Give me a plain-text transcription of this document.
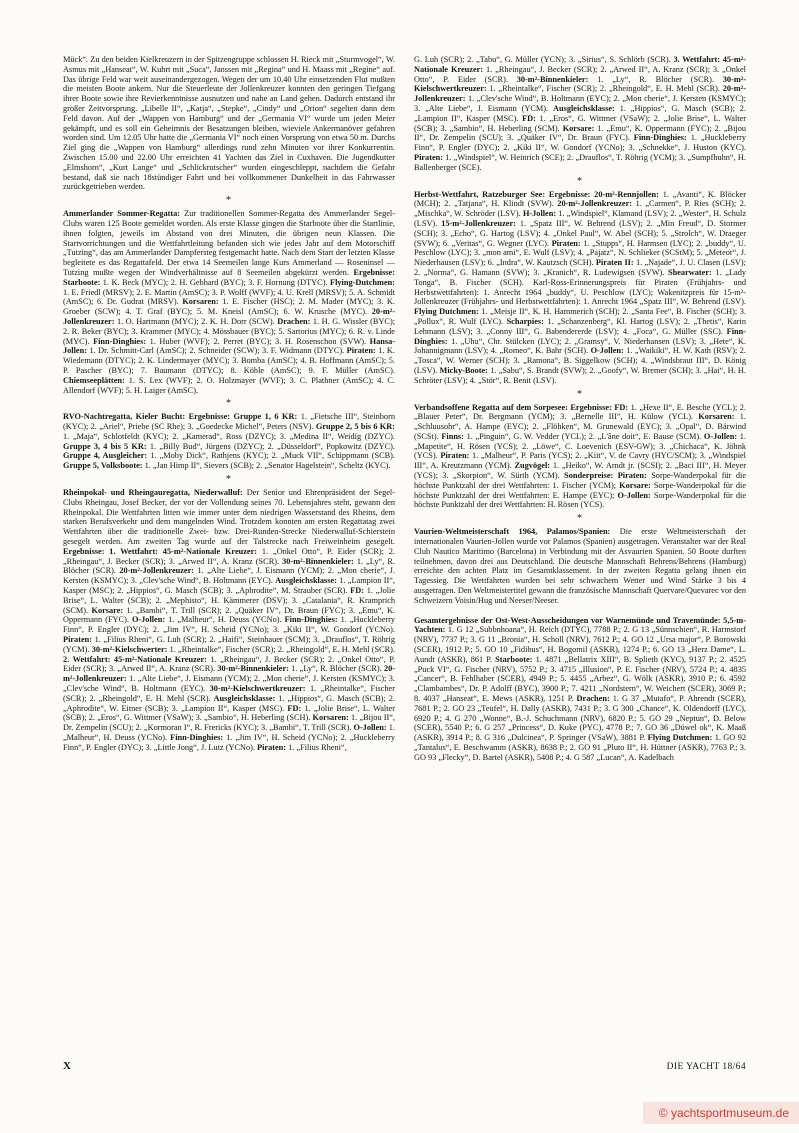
Mück“. Zu den beiden Kielkreuzern in der Spitzengruppe schlossen H. Rieck mit „Sturmvogel“, W. Asmus mit „Hanseat“, W. Kuhrt mit „Suca“, Janssen mit „Regina“ und H. Maass mit „Regine“ auf. Das übrige Feld war weit auseinandergezogen. Wegen der um 10.40 Uhr einsetzenden Flut mußten die meisten Boote ankern. Nur die Steuerleute der Jollenkreuzer konnten den geringen Tiefgang ihrer Boote sowie ihre Revierkenntnisse ausnutzen und nahe an Land gehen. Dadurch entstand ihr großer Zeitvorsprung. „Libelle II“, „Katja“, „Stepke“, „Cindy“ und „Orion“ segelten dann dem Feld davon. Auf der „Wappen von Hamburg“ und der „Germania VI“ wurde um jeden Meter gekämpft, und es soll ein Geheimnis der Besatzungen bleiben, wieviele Ankermanöver gefahren worden sind. Um 12.05 Uhr hatte die „Germania VI“ noch einen Vorsprung von etwa 50 m. Durchs Ziel ging die „Wappen von Hamburg“ allerdings rund zehn Minuten vor ihrer Konkurrentin. Zwischen 15.00 und 22.00 Uhr erreichten 41 Yachten das Ziel in Cuxhaven. Die Jugendkutter „Elmshorn“, „Kurt Lange“ und „Schlickrutscher“ wurden eingeschleppt, nachdem die Gefahr bestand, daß sie nach 18stündiger Fahrt und bei vollkommener Dunkelheit in das Fahrwasser zurückgetrieben werden.

*

Ammerlander Sommer-Regatta: Zur traditionellen Sommer-Regatta des Ammerlander Segel-Clubs waren 125 Boote gemeldet worden. Als erste Klasse gingen die Starboote über die Startlinie, ihnen folgten, jeweils im Abstand von drei Minuten, die übrigen neun Klassen. Die Startvorrichtungen und die Wettfahrtleitung befanden sich wie jedes Jahr auf dem Motorschiff „Tutzing“, das am Ammerlander Dampfersteg festgemacht hatte. Nach dem Start der letzten Klasse begleitete es das Regattafeld. Der etwa 14 Seemeilen lange Kurs Ammerland — Roseninsel — Tutzing mußte wegen der Windverhältnisse auf 8 Seemeilen abgekürzt werden. Ergebnisse: Starboote: 1. K. Beck (MYC); 2. H. Gebhard (BYC); 3. F. Hornung (DTYC). Flying-Dutchmen: 1. E. Friedl (MRSV); 2. E. Martin (AmSC); 3. P. Wolff (WVF); 4. U. Krell (MRSV); 5. A. Schmidt (AmSC); 6. Dr. Gudrat (MRSV). Korsaren: 1. E. Fischer (HSC); 2. M. Mader (MYC); 3. K. Groeber (SCW); 4. T. Graf (BYC); 5. M. Kneisl (AmSC); 6. W. Krusche (MYC). 20-m²-Jollenkreuzer: 1. O. Hartmann (MYC); 2. K. H. Dorr (SCW). Drachen: 1. H. G. Wissler (BYC); 2. R. Beker (BYC); 3. Krammer (MYC); 4. Mössbauer (BYC); 5. Sartorius (MYC); 6. R. v. Linde (MYC). Finn-Dinghies: 1. Huber (WVF); 2. Perret (BYC); 3. H. Rosenschon (SVW). Hansa-Jollen: 1. Dr. Schmitt-Carl (AmSC); 2. Schneider (SCW); 3. F. Widmann (DTYC). Piraten: 1. K. Wiedemann (DTYC); 2. K. Lindermayer (MYC); 3. Bomba (AmSC); 4. B. Hoffmann (AmSC); 5. P. Pascher (BYC); 7. Baumann (DTYC); 8. Köhle (AmSC); 9. F. Müller (AmSC). Chiemseeplätten: 1. S. Lex (WVF); 2. O. Holzmayer (WVF); 3. C. Plathner (AmSC); 4. C. Allendorf (WVF); 5. H. Laiger (AmSC).

*

RVO-Nachtregatta, Kieler Bucht: Ergebnisse: Gruppe 1, 6 KR: 1. „Fietsche III“, Steinborn (KYC); 2. „Ariel“, Priebe (SC Rhe); 3. „Goedecke Michel“, Peters (NSV). Gruppe 2, 5 bis 6 KR: 1. „Maja“, Schlotfeldt (KYC); 2. „Kamerad“, Ross (DZYC); 3. „Medina II“, Weidig (DZYC). Gruppe 3, 4 bis 5 KR: 1. „Billy Bud“, Jürgens (DZYC); 2. „Düsseldorf“, Popkowitz (DZYC). Gruppe 4, Ausgleicher: 1. „Moby Dick“, Rathjens (KYC); 2. „Muck VII“, Schippmann (SCB). Gruppe 5, Volksboote: 1. „Jan Himp II“, Sievers (SCB); 2. „Senator Hagelstein“, Scheltz (KYC).

*

Rheinpokal- und Rheingauregatta, Niederwalluf: Der Senior und Ehrenpräsident der Segel-Clubs Rheingau, Josef Becker, der vor der Vollendung seines 70. Lebensjahres steht, gewann den Rheinpokal. Die Wettfahrten litten wie immer unter dem niedrigen Wasserstand des Rheins, dem starken Berufsverkehr und dem mangelnden Wind. Trotzdem konnten am ersten Regattatag zwei Wettfahrten über die traditionelle Zwei- bzw. Drei-Runden-Strecke Niederwalluf-Schierstein gesegelt werden. Am zweiten Tag wurde auf der Talstrecke nach Freiweinheim gesegelt. Ergebnisse: 1. Wettfahrt: 45-m²-Nationale Kreuzer: 1. „Onkel Otto“, P. Eider (SCR); 2. „Rheingau“, J. Becker (SCR); 3. „Arwed II“, A. Kranz (SCR). 30-m²-Binnenkieler: 1. „Ly“, R. Blöcher (SCR). 20-m²-Jollenkreuzer: 1. „Alte Liebe“, J. Eismann (YCM); 2. „Mon cherie“, J. Kersten (KSMYC); 3. „Clev'sche Wind“, B. Holtmann (EYC). Ausgleichsklasse: 1. „Lampion II“, Kasper (MSC); 2. „Hippios“, G. Masch (SCB); 3. „Aphrodite“, M. Strauber (SCR). FD: 1. „Jolie Brise“, L. Walter (SCB); 2. „Mephisto“, H. Kämmerer (DSV); 3. „Catalania“, R. Kramprich (SCM). Korsare: 1. „Bambi“, T. Trill (SCR); 2. „Quäker IV“, Dr. Braun (FYC); 3. „Emu“, K. Oppermann (FYC). O-Jollen: 1. „Malheur“, H. Deuss (YCNo). Finn-Dinghies: 1. „Huckleberry Finn“, P. Engler (DYC); 2. „Jim IV“, H. Scheid (YCNo); 3. „Kiki II“, W. Gondorf (YCNo). Piraten: 1. „Filius Rheni“, G. Luh (SCR); 2. „Haifi“, Steinhauer (SCM); 3. „Drauflos“, T. Röhrig (YCM). 30-m²-Kielschwerter: 1. „Rheintalke“, Fischer (SCR); 2. „Rheingold“, E. H. Mehl (SCR). 2. Wettfahrt: 45-m²-Nationale Kreuzer: 1. „Rheingau“, J. Becker (SCR); 2. „Onkel Otto“, P. Eider (SCR); 3. „Arwed II“, A. Kranz (SCR). 30-m²-Binnenkieler: 1. „Ly“, R. Blöcher (SCR). 20-m²-Jollenkreuzer: 1. „Alte Liebe“, J. Eismann (YCM); 2. „Mon cherie“, J. Kersten (KSMYC); 3. „Clev'sche Wind“, B. Holtmann (EYC). 30-m²-Kielschwertkreuzer: 1. „Rheintalke“, Fischer (SCR); 2. „Rheingold“, E. H. Mehl (SCR). Ausgleichsklasse: 1. „Hippios“, G. Masch (SCB); 2. „Aphrodite“, W. Eitner (SCB); 3. „Lampion II“, Kasper (MSC). FD: 1. „Jolie Brise“, L. Walter (SCB); 2. „Eros“, G. Wittmer (VSaW); 3. „Sambio“, H. Heberling (SCH). Korsaren: 1. „Bijou II“, Dr. Zempelin (SCU); 2. „Kormoran I“, R. Frericks (KYC); 3. „Bambi“, T. Trill (SCR). O-Jollen: 1. „Malheur“, H. Deuss (YCNo). Finn-Dinghies: 1. „Jim IV“, H. Scheid (YCNo); 2. „Huckleberry Finn“, P. Engler (DYC); 3. „Little Jong“, J. Lutz (YCNo). Piraten: 1. „Filius Rheni“,

G. Luh (SCR); 2. „Tabu“, G. Müller (YCN); 3. „Sirius“, S. Schlörb (SCR). 3. Wettfahrt: 45-m²-Nationale Kreuzer: 1. „Rheingau“, J. Becker (SCR); 2. „Arwed II“, A. Kranz (SCR); 3. „Onkel Otto“, P. Eider (SCR). 30-m²-Binnenkieler: 1. „Ly“, R. Blöcher (SCR). 30-m²-Kielschwertkreuzer: 1. „Rheintalke“, Fischer (SCR); 2. „Rheingold“, E. H. Mehl (SCR). 20-m²-Jollenkreuzer: 1. „Clev'sche Wind“, B. Holtmann (EYC); 2. „Mon cherie“, J. Kersten (KSMYC); 3. „Alte Liebe“, J. Eismann (YCM). Ausgleichsklasse: 1. „Hippios“, G. Masch (SCB); 2. „Lampion II“, Kasper (MSC). FD: 1. „Eros“, G. Wittmer (VSaW); 2. „Jolie Brise“, L. Walter (SCB); 3. „Sambio“, H. Heberling (SCM). Korsare: 1. „Emu“, K. Oppermann (FYC); 2. „Bijou II“, Dr. Zempelin (SCU); 3. „Quäker IV“, Dr. Braun (FYC). Finn-Dinghies: 1. „Huckleberry Finn“, P. Engler (DYC); 2. „Kiki II“, W. Gondorf (YCNo); 3. „Schnekke“, J. Huston (KYC). Piraten: 1. „Windspiel“, W. Heinrich (SCE); 2. „Drauflos“, T. Röhrig (YCM); 3. „Sumpfhuhn“, H. Ballenberger (SCE).

*

Herbst-Wettfahrt, Ratzeburger See: Ergebnisse: 20-m²-Rennjollen: 1. „Avanti“, K. Blöcker (MCH); 2. „Tatjana“, H. Klindt (SVW). 20-m²-Jollenkreuzer: 1. „Carmen“, P. Ries (SCH); 2. „Mischka“, W. Schröder (LSV). H-Jollen: 1. „Windspiel“, Klamand (LSV); 2. „Wester“, H. Schulz (LSV). 15-m²-Jollenkreuzer: 1. „Spatz III“, W. Behrend (LSV); 2. „Min Freud“, D. Stormer (SCH); 3. „Echo“, G. Hartog (LSV); 4. „Onkel Paul“, W. Abel (SCH); 5. „Strolch“, W. Draeger (SVW); 6. „Veritas“, G. Wegner (LYC). Piraten: 1. „Stupps“, H. Harmsen (LYC); 2. „buddy“, U. Peschlow (LYC); 3. „mon ami“, E. Wulf (LSV); 4. „Pajatz“, N. Schlieker (SCStM); 5. „Meteor“, J. Niederhausen (LSV); 6. „Indra“, W. Kautzsch (SCH). Piraten II: 1. „Najade“, J. U. Clasen (LSV); 2. „Norma“, G. Hamann (SVW); 3. „Kranich“, R. Ludewigsen (SVW). Shearwater: 1. „Lady Tonga“, B. Fischer (SCH). Karl-Ross-Erinnerungspreis für Piraten (Frühjahrs- und Herbstwettfahrten): 1. Anrecht 1964 „buddy“, U. Peschlow (LYC); Wakenitzpreis für 15-m²-Jollenkreuzer (Frühjahrs- und Herbstwettfahrten): 1. Anrecht 1964 „Spatz III“, W. Behrend (LSV). Flying Dutchmen: 1. „Meisje II“, K. H. Hammerich (SCH); 2. „Santa Fee“, B. Fischer (SCH); 3. „Pollux“, R. Wulf (LYC). Scharpies: 1. „Schanzenberg“, Kl. Hartog (LSV); 2. „Thetis“, Karin Lehmann (LSV); 3. „Conny III“, G. Babendererde (LSV); 4. „Foca“, G. Müller (SSC). Finn-Dinghies: 1. „Uhu“, Chr. Stülcken (LYC); 2. „Gramsy“, V. Niederhansen (LSV); 3. „Hete“, K. Johannigmann (LSV); 4. „Romeo“, K. Bahr (SCH). O-Jollen: 1. „Waikiki“, H. W. Kath (RSV); 2. „Tosca“, W. Werner (SCH); 3. „Ramona“, B. Siggelkow (SCH); 4. „Windsbraut III“, D. König (LSV). Micky-Boote: 1. „Sabu“, S. Brandt (SVW); 2. „Goofy“, W. Bremer (SCH); 3. „Hai“, H. H. Schröter (LSV); 4. „Stör“, R. Benit (LSV).

*

Verbandsoffene Regatta auf dem Sorpesee: Ergebnisse: FD: 1. „Hexe II“, E. Besche (YCL); 2. „Blauer Peter“, Dr. Bergmann (YCM); 3. „Bernelle III“, H. Külow (YCL). Korsaren: 1. „Schluusohr“, A. Hampe (EYC); 2. „Flöhken“, M. Grunewald (EYC); 3. „Opal“, D. Bärwind (SCSt). Finns: 1. „Pinguin“, G. W. Vedder (YCL); 2. „L'âne doit“, E. Bause (SCM). O-Jollen: 1. „Mapetite“, H. Rösen (YCS); 2. „Löwe“, C. Loevenich (ESV-GW); 3. „Chichaca“, K. Jöhnk (YCS). Piraten: 1. „Malheur“, P. Paris (YCS); 2. „Kiit“, V. de Cavry (HYC/SCM); 3. „Windspiel III“, A. Kreutzmann (YCM). Zugvögel: 1. „Heiko“, W. Arndt jr. (SCSI); 2. „Baci III“, H. Meyer (YCS); 3. „Skorpion“, W. Sürth (YCM). Sonderpreise: Piraten: Sorpe-Wanderpokal für die höchste Punktzahl der drei Wettfahrten: 1. Fischer (YCM); Korsare: Sorpe-Wanderpokal für die höchste Punktzahl der drei Wettfahrten: E. Hampe (EYC); O-Jollen: Sorpe-Wanderpokal für die höchste Punktzahl der drei Wettfahrten: H. Rösen (YCS).

*

Vaurien-Weltmeisterschaft 1964, Palamos/Spanien: Die erste Weltmeisterschaft der internationalen Vaurien-Jollen wurde vor Palamos (Spanien) ausgetragen. Veranstalter war der Real Club Nautico Maritimo (Barcelona) in Verbindung mit der Asvaurien Spanien. 50 Boote durften teilnehmen, davon drei aus Deutschland. Die deutsche Mannschaft Behrens/Behrens (Hamburg) erreichte den achten Platz im Gesamtklassement. In der zweiten Regatta gelang ihnen ein Tagessieg. Die Wettfahrten wurden bei sehr schwachem Wetter und Wind Stärke 3 bis 4 ausgetragen. Den Weltmeistertitel gewann die französische Mannschaft Quervare/Quevarec vor den Schweizern Voisin/Hug und Neeser/Neeser.

Gesamtergebnisse der Ost-West-Ausscheidungen vor Warnemünde und Travemünde: 5,5-m-Yachten: 1. G 12 „Subbnhoana“, H. Reich (DTYC), 7788 P.; 2. G 13 „Sünnschien“, R. Harmstorf (NRV), 7737 P.; 3. G 11 „Bronia“, H. Scholl (NRV), 7612 P.; 4. GO 12 „Ursa major“, P. Borowski (SCER), 1912 P.; 5. GO 10 „Fidibus“, H. Bogomil (ASKR), 1274 P.; 6. GO 13 „Herz Dame“, L. Aundt (ASKR), 861 P. Starboote: 1. 4871 „Bellatrix XIII“, B. Splieth (KYC), 9137 P.; 2. 4525 „Puck VI“, G. Fischer (NRV), 5752 P.; 3. 4715 „Illusion“, P. E. Fischer (NRV), 5724 P.; 4. 4835 „Cancer“, B. Fehlhaber (SCER), 4949 P.; 5. 4455 „Arbez“, G. Wölk (ASKR), 3910 P.; 6. 4592 „Clambambes“, Dr. P. Adolff (BYC), 3900 P.; 7. 4211 „Nordstern“, W. Weichert (SCER), 3069 P.; 8. 4037 „Hanseat“, E. Mews (ASKR), 1251 P. Drachen: 1. G 37 „Mutafo“, P. Ahrendt (SCER), 7681 P.; 2. GO 23 „Teufel“, H. Dally (ASKR), 7431 P.; 3. G 300 „Chance“, K. Oldendorff (LYC), 6920 P.; 4. G 270 „Wonne“, B.-J. Schuchmann (NRV), 6820 P.; 5. GO 29 „Neptun“, D. Below (SCER), 5540 P.; 6. G 257 „Princess“, D. Kuke (PYC), 4778 P.; 7. GO 36 „Düwel ok“, K. Maaß (ASKR), 3914 P.; 8. G 316 „Dulcinea“, P. Springer (VSaW), 3881 P. Flying Dutchmen: 1. GO 92 „Tantalus“, E. Beschwamm (ASKR), 8638 P.; 2. GO 91 „Pluto II“, H. Hüttner (ASKR), 7763 P.; 3. GO 93 „Flecky“, D. Bartel (ASKR), 5408 P.; 4. G 587 „Lucan“, A. Kadelbach

X	DIE YACHT 18/64
© yachtsportmuseum.de
